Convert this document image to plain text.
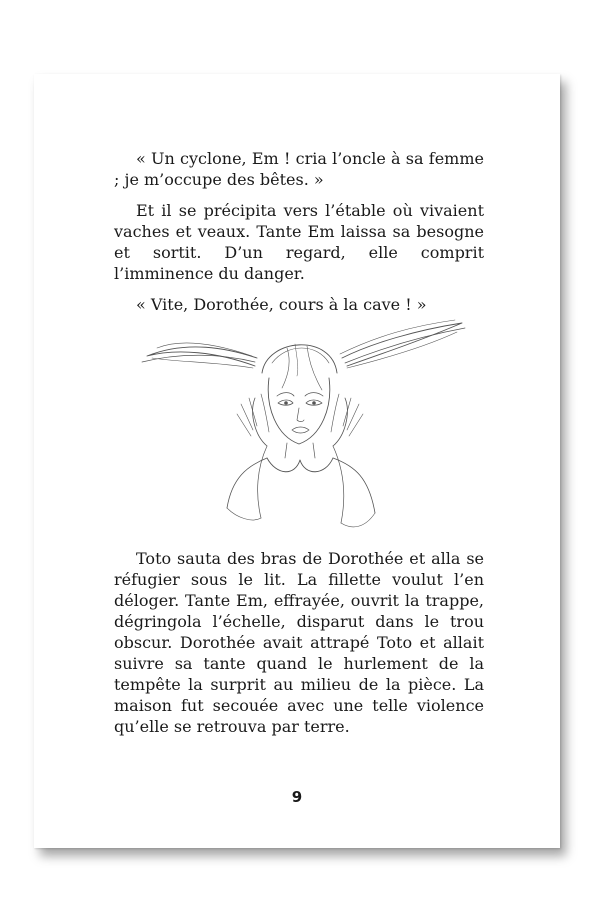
« Un cyclone, Em ! cria l’oncle à sa femme ; je m’occupe des bêtes. »

Et il se précipita vers l’étable où vivaient vaches et veaux. Tante Em laissa sa besogne et sortit. D’un regard, elle comprit l’imminence du danger.

« Vite, Dorothée, cours à la cave ! »

Toto sauta des bras de Dorothée et alla se réfugier sous le lit. La fillette voulut l’en déloger. Tante Em, effrayée, ouvrit la trappe, dégringola l’échelle, disparut dans le trou obscur. Dorothée avait attrapé Toto et allait suivre sa tante quand le hurlement de la tempête la surprit au milieu de la pièce. La maison fut secouée avec une telle violence qu’elle se retrouva par terre.

9
